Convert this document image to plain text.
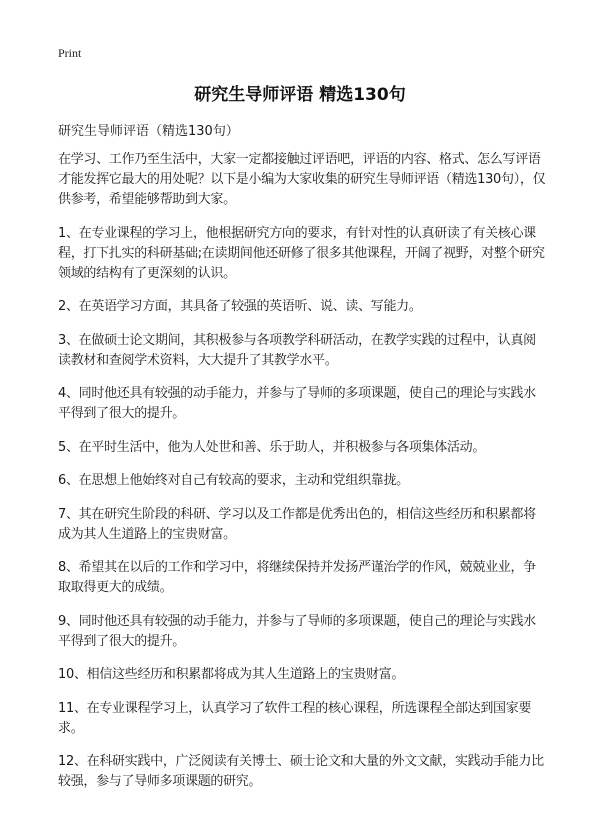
Print
研究生导师评语 精选130句

研究生导师评语（精选130句）

在学习、工作乃至生活中，大家一定都接触过评语吧，评语的内容、格式、怎么写评语才能发挥它最大的用处呢？以下是小编为大家收集的研究生导师评语（精选130句），仅供参考，希望能够帮助到大家。

1、在专业课程的学习上，他根据研究方向的要求，有针对性的认真研读了有关核心课程，打下扎实的科研基础;在读期间他还研修了很多其他课程，开阔了视野，对整个研究领域的结构有了更深刻的认识。

2、在英语学习方面，其具备了较强的英语听、说、读、写能力。

3、在做硕士论文期间，其积极参与各项教学科研活动，在教学实践的过程中，认真阅读教材和查阅学术资料，大大提升了其教学水平。

4、同时他还具有较强的动手能力，并参与了导师的多项课题，使自己的理论与实践水平得到了很大的提升。

5、在平时生活中，他为人处世和善、乐于助人，并积极参与各项集体活动。

6、在思想上他始终对自己有较高的要求，主动和党组织靠拢。

7、其在研究生阶段的科研、学习以及工作都是优秀出色的，相信这些经历和积累都将成为其人生道路上的宝贵财富。

8、希望其在以后的工作和学习中，将继续保持并发扬严谨治学的作风，兢兢业业，争取取得更大的成绩。

9、同时他还具有较强的动手能力，并参与了导师的多项课题，使自己的理论与实践水平得到了很大的提升。

10、相信这些经历和积累都将成为其人生道路上的宝贵财富。

11、在专业课程学习上，认真学习了软件工程的核心课程，所选课程全部达到国家要求。

12、在科研实践中，广泛阅读有关博士、硕士论文和大量的外文文献，实践动手能力比较强，参与了导师多项课题的研究。
